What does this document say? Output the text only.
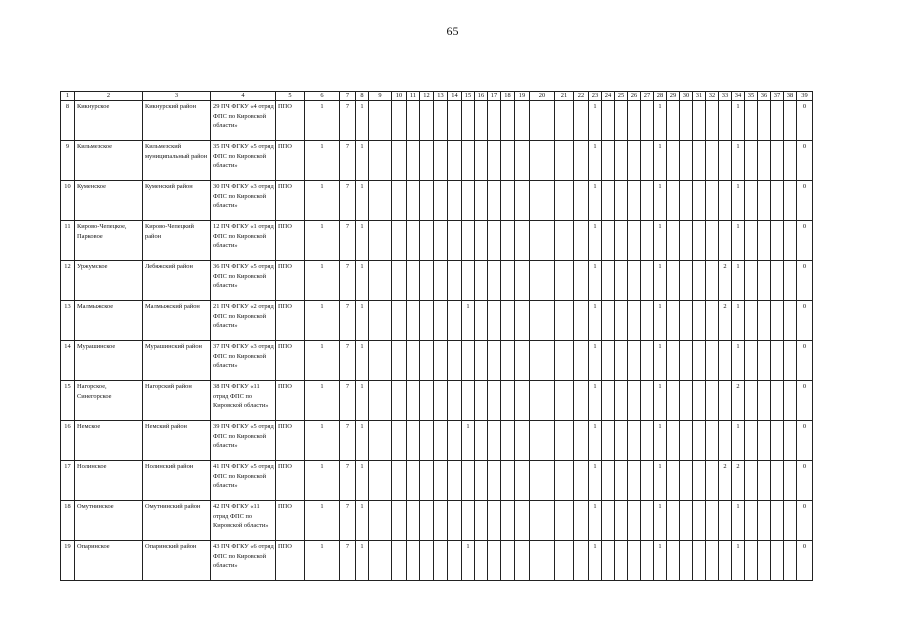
65
1	2	3	4	5	6	7	8	9	10	11	12	13	14	15	16	17	18	19	20	21	22	23	24	25	26	27	28	29	30	31	32	33	34	35	36	37	38	39
8	Кикнурское	Кикнурский район	29 ПЧ ФГКУ «4 отряд ФПС по Кировской области»	ППО	1	7	1															1					1						1					0
9	Кильмезское	Кильмезский муниципальный район	35 ПЧ ФГКУ «5 отряд ФПС по Кировской области»	ППО	1	7	1															1					1						1					0
10	Куменское	Куменский район	30 ПЧ ФГКУ «3 отряд ФПС по Кировской области»	ППО	1	7	1															1					1						1					0
11	Кирово-Чепецкое, Парковое	Кирово-Чепецкий район	12 ПЧ ФГКУ «1 отряд ФПС по Кировской области»	ППО	1	7	1															1					1						1					0
12	Уржумское	Лебяжский район	36 ПЧ ФГКУ «5 отряд ФПС по Кировской области»	ППО	1	7	1															1					1					2	1					0
13	Малмыжское	Малмыжский район	21 ПЧ ФГКУ «2 отряд ФПС по Кировской области»	ППО	1	7	1							1								1					1					2	1					0
14	Мурашинское	Мурашинский район	37 ПЧ ФГКУ «3 отряд ФПС по Кировской области»	ППО	1	7	1															1					1						1					0
15	Нагорское, Синегорское	Нагорский район	38 ПЧ ФГКУ «11 отряд ФПС по Кировской области»	ППО	1	7	1															1					1						2					0
16	Немское	Немский район	39 ПЧ ФГКУ «5 отряд ФПС по Кировской области»	ППО	1	7	1							1								1					1						1					0
17	Нолинское	Нолинский район	41 ПЧ ФГКУ «5 отряд ФПС по Кировской области»	ППО	1	7	1															1					1					2	2					0
18	Омутнинское	Омутнинский район	42 ПЧ ФГКУ «11 отряд ФПС по Кировской области»	ППО	1	7	1															1					1						1					0
19	Опаринское	Опаринский район	43 ПЧ ФГКУ «6 отряд ФПС по Кировской области»	ППО	1	7	1							1								1					1						1					0
